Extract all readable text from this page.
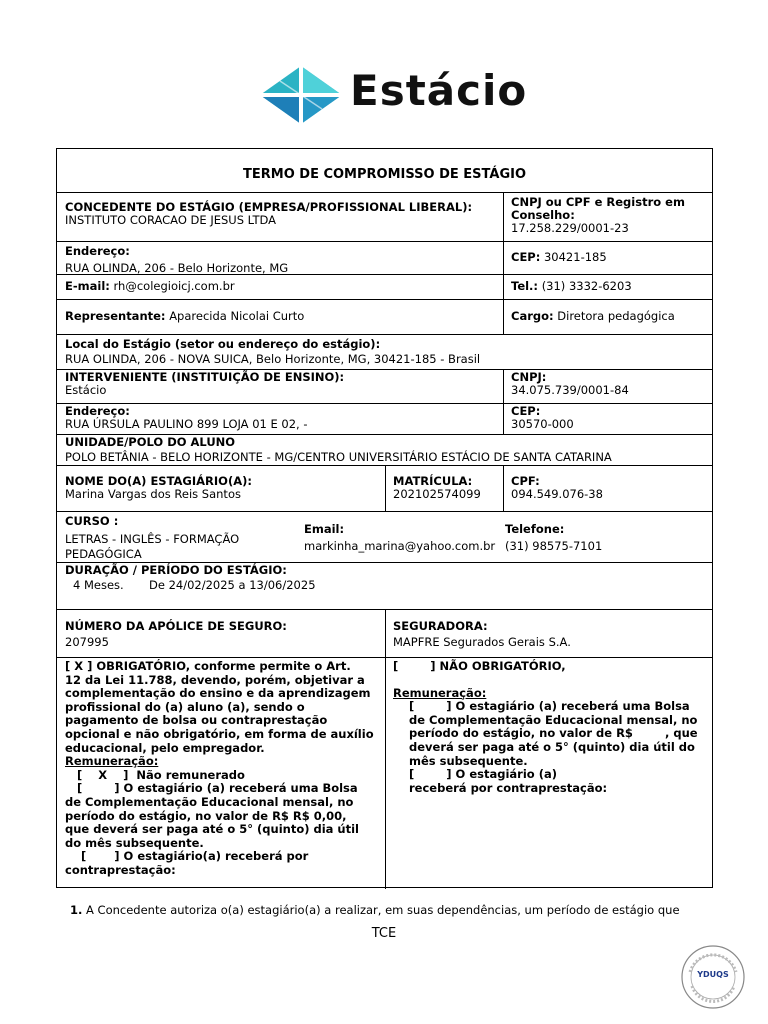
Estácio
TERMO DE COMPROMISSO DE ESTÁGIO
CONCEDENTE DO ESTÁGIO (EMPRESA/PROFISSIONAL LIBERAL):
INSTITUTO CORACAO DE JESUS LTDA
CNPJ ou CPF e Registro em Conselho:
17.258.229/0001-23
Endereço:
RUA OLINDA, 206 - Belo Horizonte, MG
CEP: 30421-185
E-mail: rh@colegioicj.com.br	Tel.: (31) 3332-6203
Representante: Aparecida Nicolai Curto	Cargo: Diretora pedagógica
Local do Estágio (setor ou endereço do estágio):
RUA OLINDA, 206 - NOVA SUICA, Belo Horizonte, MG, 30421-185 - Brasil
INTERVENIENTE (INSTITUIÇÃO DE ENSINO):
Estácio
CNPJ:
34.075.739/0001-84
Endereço:
RUA ÚRSULA PAULINO 899 LOJA 01 E 02, -
CEP:
30570-000
UNIDADE/POLO DO ALUNO
POLO BETÂNIA - BELO HORIZONTE - MG/CENTRO UNIVERSITÁRIO ESTÁCIO DE SANTA CATARINA
NOME DO(A) ESTAGIÁRIO(A):
Marina Vargas dos Reis Santos
MATRÍCULA:
202102574099
CPF:
094.549.076-38
CURSO :
LETRAS - INGLÊS - FORMAÇÃO
PEDAGÓGICA
Email:
markinha_marina@yahoo.com.br
Telefone:
(31) 98575-7101
DURAÇÃO / PERÍODO DO ESTÁGIO:
4 Meses. De 24/02/2025 a 13/06/2025
NÚMERO DA APÓLICE DE SEGURO:
207995
SEGURADORA:
MAPFRE Segurados Gerais S.A.
[ X ] OBRIGATÓRIO, conforme permite o Art.
12 da Lei 11.788, devendo, porém, objetivar a
complementação do ensino e da aprendizagem
profissional do (a) aluno (a), sendo o
pagamento de bolsa ou contraprestação
opcional e não obrigatório, em forma de auxílio
educacional, pelo empregador.
Remuneração:
[    X    ]  Não remunerado
[        ] O estagiário (a) receberá uma Bolsa
de Complementação Educacional mensal, no
período do estágio, no valor de R$ R$ 0,00,
que deverá ser paga até o 5° (quinto) dia útil
do mês subsequente.
[       ] O estagiário(a) receberá por
contraprestação:
[        ] NÃO OBRIGATÓRIO,
Remuneração:
[        ] O estagiário (a) receberá uma Bolsa
de Complementação Educacional mensal, no
período do estágio, no valor de R$        , que
deverá ser paga até o 5° (quinto) dia útil do
mês subsequente.
[        ] O estagiário (a)
receberá por contraprestação:
1. A Concedente autoriza o(a) estagiário(a) a realizar, em suas dependências, um período de estágio que
TCE
YDUQS
